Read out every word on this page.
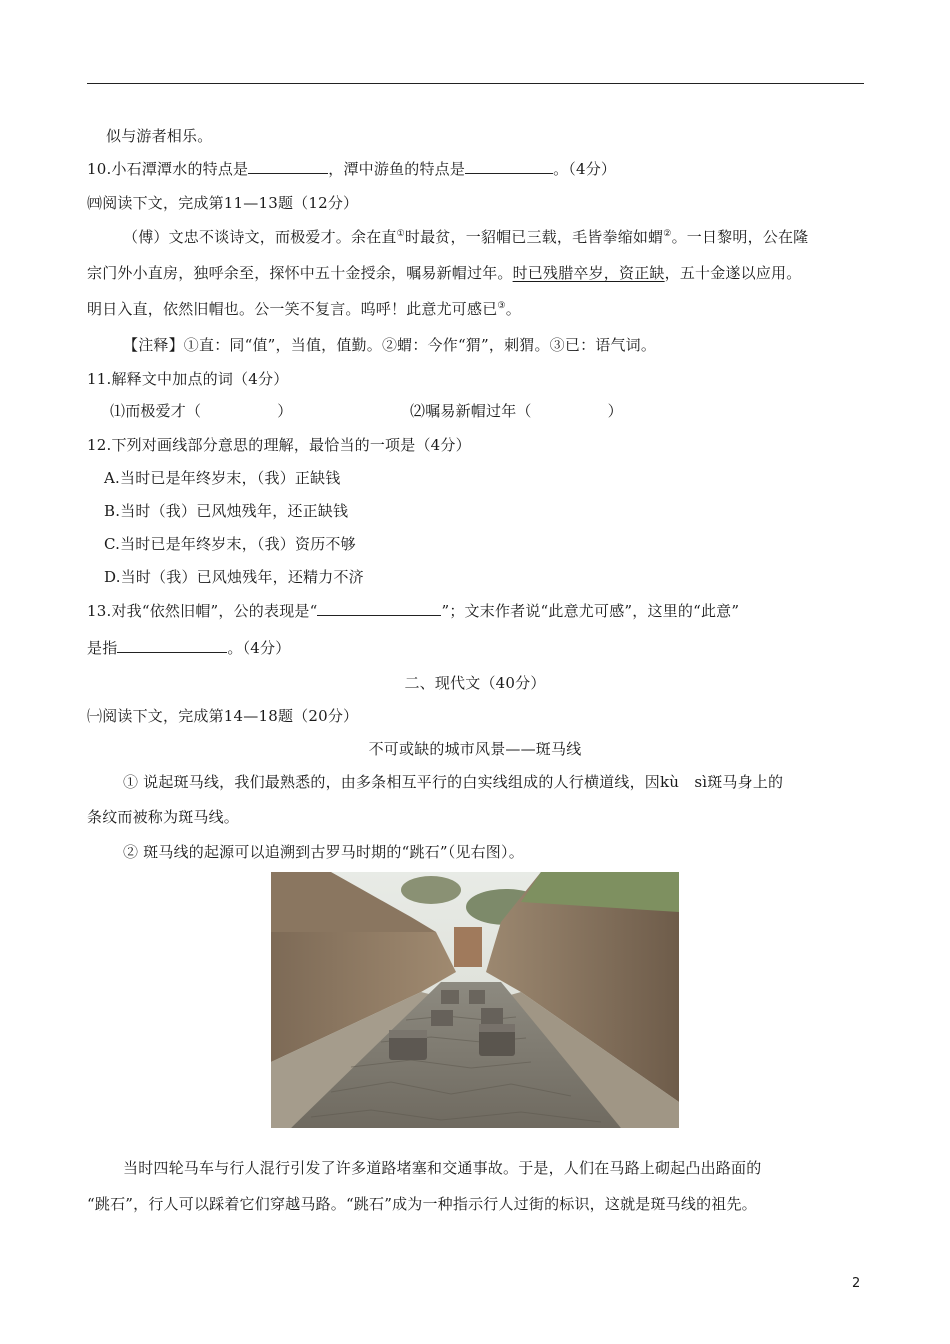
似与游者相乐。
10.小石潭潭水的特点是	，潭中游鱼的特点是	。（4分）
㈣阅读下文，完成第11—13题（12分）
（傅）文忠不谈诗文，而极爱才。余在直①时最贫，一貂帽已三载，毛皆拳缩如蝟②。一日黎明，公在隆
宗门外小直房，独呼余至，探怀中五十金授余，嘱易新帽过年。时已残腊卒岁，资正缺，五十金遂以应用。
明日入直，依然旧帽也。公一笑不复言。呜呼！此意尤可感已③。
【注释】①直：同“值”，当值，值勤。②蝟：今作“猬”，刺猬。③已：语气词。
11.解释文中加点的词（4分）
⑴而极爱才（　　　　　）	⑵嘱易新帽过年（　　　　　）
12.下列对画线部分意思的理解，最恰当的一项是（4分）
A.当时已是年终岁末，（我）正缺钱
B.当时（我）已风烛残年，还正缺钱
C.当时已是年终岁末，（我）资历不够
D.当时（我）已风烛残年，还精力不济
13.对我“依然旧帽”，公的表现是“	”；文末作者说“此意尤可感”，这里的“此意”
是指	。（4分）
二、现代文（40分）
㈠阅读下文，完成第14—18题（20分）
不可或缺的城市风景——斑马线
① 说起斑马线，我们最熟悉的，由多条相互平行的白实线组成的人行横道线，因kù　sì斑马身上的
条纹而被称为斑马线。
② 斑马线的起源可以追溯到古罗马时期的“跳石”（见右图）。
当时四轮马车与行人混行引发了许多道路堵塞和交通事故。于是，人们在马路上砌起凸出路面的
“跳石”，行人可以踩着它们穿越马路。“跳石”成为一种指示行人过街的标识，这就是斑马线的祖先。
2
